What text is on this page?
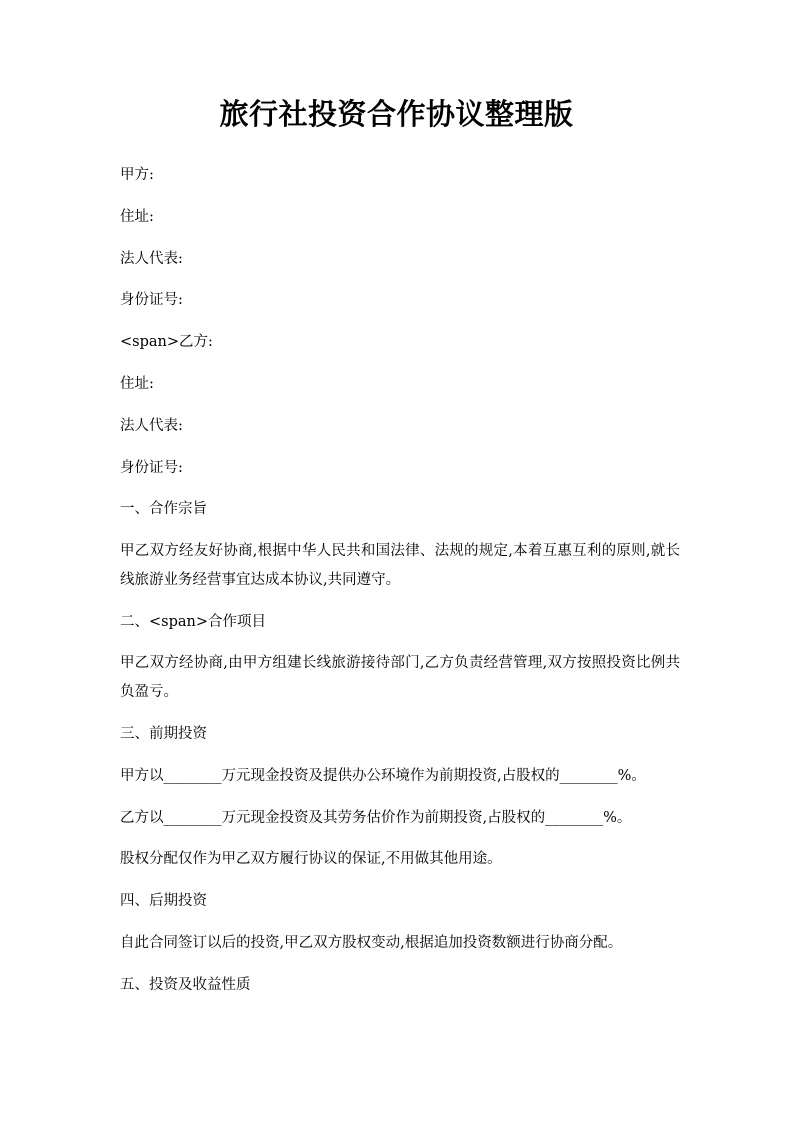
旅行社投资合作协议整理版
甲方:
住址:
法人代表:
身份证号:
<span>乙方:
住址:
法人代表:
身份证号:
一、合作宗旨
甲乙双方经友好协商,根据中华人民共和国法律、法规的规定,本着互惠互利的原则,就长线旅游业务经营事宜达成本协议,共同遵守。
二、<span>合作项目
甲乙双方经协商,由甲方组建长线旅游接待部门,乙方负责经营管理,双方按照投资比例共负盈亏。
三、前期投资
甲方以________万元现金投资及提供办公环境作为前期投资,占股权的________%。
乙方以________万元现金投资及其劳务估价作为前期投资,占股权的________%。
股权分配仅作为甲乙双方履行协议的保证,不用做其他用途。
四、后期投资
自此合同签订以后的投资,甲乙双方股权变动,根据追加投资数额进行协商分配。
五、投资及收益性质
